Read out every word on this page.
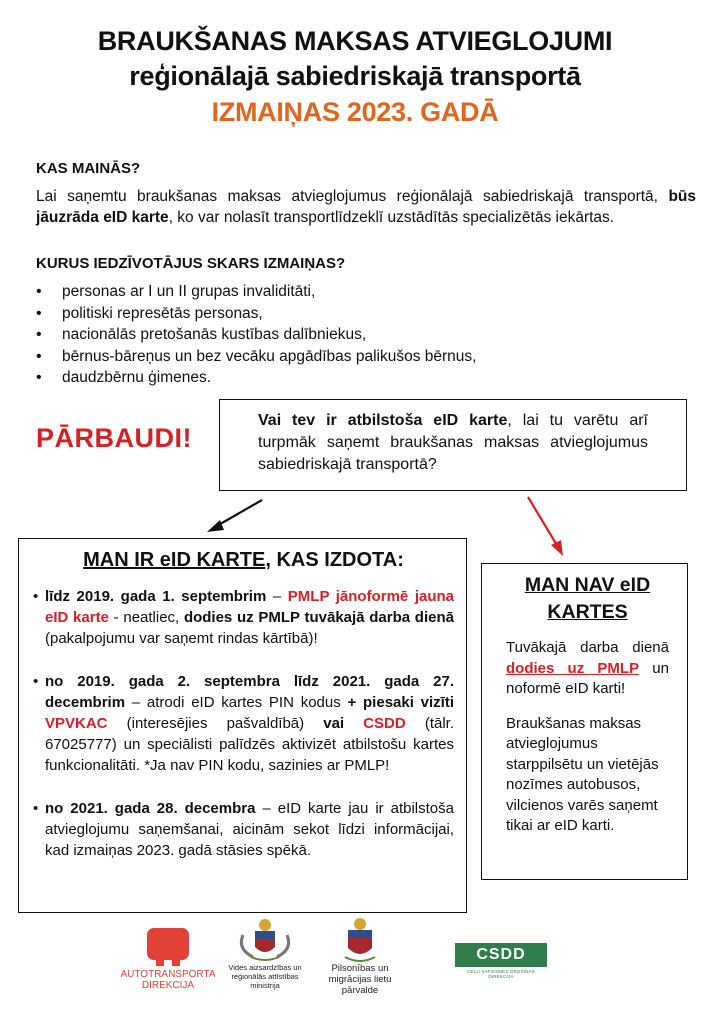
BRAUKŠANAS MAKSAS ATVIEGLOJUMI
reģionālajā sabiedriskajā transportā
IZMAIŅAS 2023. GADĀ
KAS MAINĀS?

Lai saņemtu braukšanas maksas atvieglojumus reģionālajā sabiedriskajā transportā, būs jāuzrāda eID karte, ko var nolasīt transportlīdzeklī uzstādītās specializētās iekārtas.

KURUS IEDZĪVOTĀJUS SKARS IZMAIŅAS?
• personas ar I un II grupas invaliditāti,
• politiski represētās personas,
• nacionālās pretošanās kustības dalībniekus,
• bērnus-bāreņus un bez vecāku apgādības palikušos bērnus,
• daudzbērnu ģimenes.
PĀRBAUDI!
Vai tev ir atbilstoša eID karte, lai tu varētu arī turpmāk saņemt braukšanas maksas atvieglojumus sabiedriskajā transportā?
MAN IR eID KARTE, KAS IZDOTA:
• līdz 2019. gada 1. septembrim – PMLP jānoformē jauna eID karte - neatliec, dodies uz PMLP tuvākajā darba dienā (pakalpojumu var saņemt rindas kārtībā)!
• no 2019. gada 2. septembra līdz 2021. gada 27. decembrim – atrodi eID kartes PIN kodus + piesaki vizīti VPVKAC (interesējies pašvaldībā) vai CSDD (tālr. 67025777) un speciālisti palīdzēs aktivizēt atbilstošu kartes funkcionalitāti. *Ja nav PIN kodu, sazinies ar PMLP!
• no 2021. gada 28. decembra – eID karte jau ir atbilstoša atvieglojumu saņemšanai, aicinām sekot līdzi informācijai, kad izmaiņas 2023. gadā stāsies spēkā.
MAN NAV eID KARTES

Tuvākajā darba dienā dodies uz PMLP un noformē eID karti!

Braukšanas maksas atvieglojumus starppilsētu un vietējās nozīmes autobusos, vilcienos varēs saņemt tikai ar eID karti.

AUTOTRANSPORTA
DIREKCIJA
Vides aizsardzības un reģionālās attīstības ministrija
Pilsonības un migrācijas lietu pārvalde
CSDD
CEĻU SATIKSMES DROŠĪBAS DIREKCIJA
